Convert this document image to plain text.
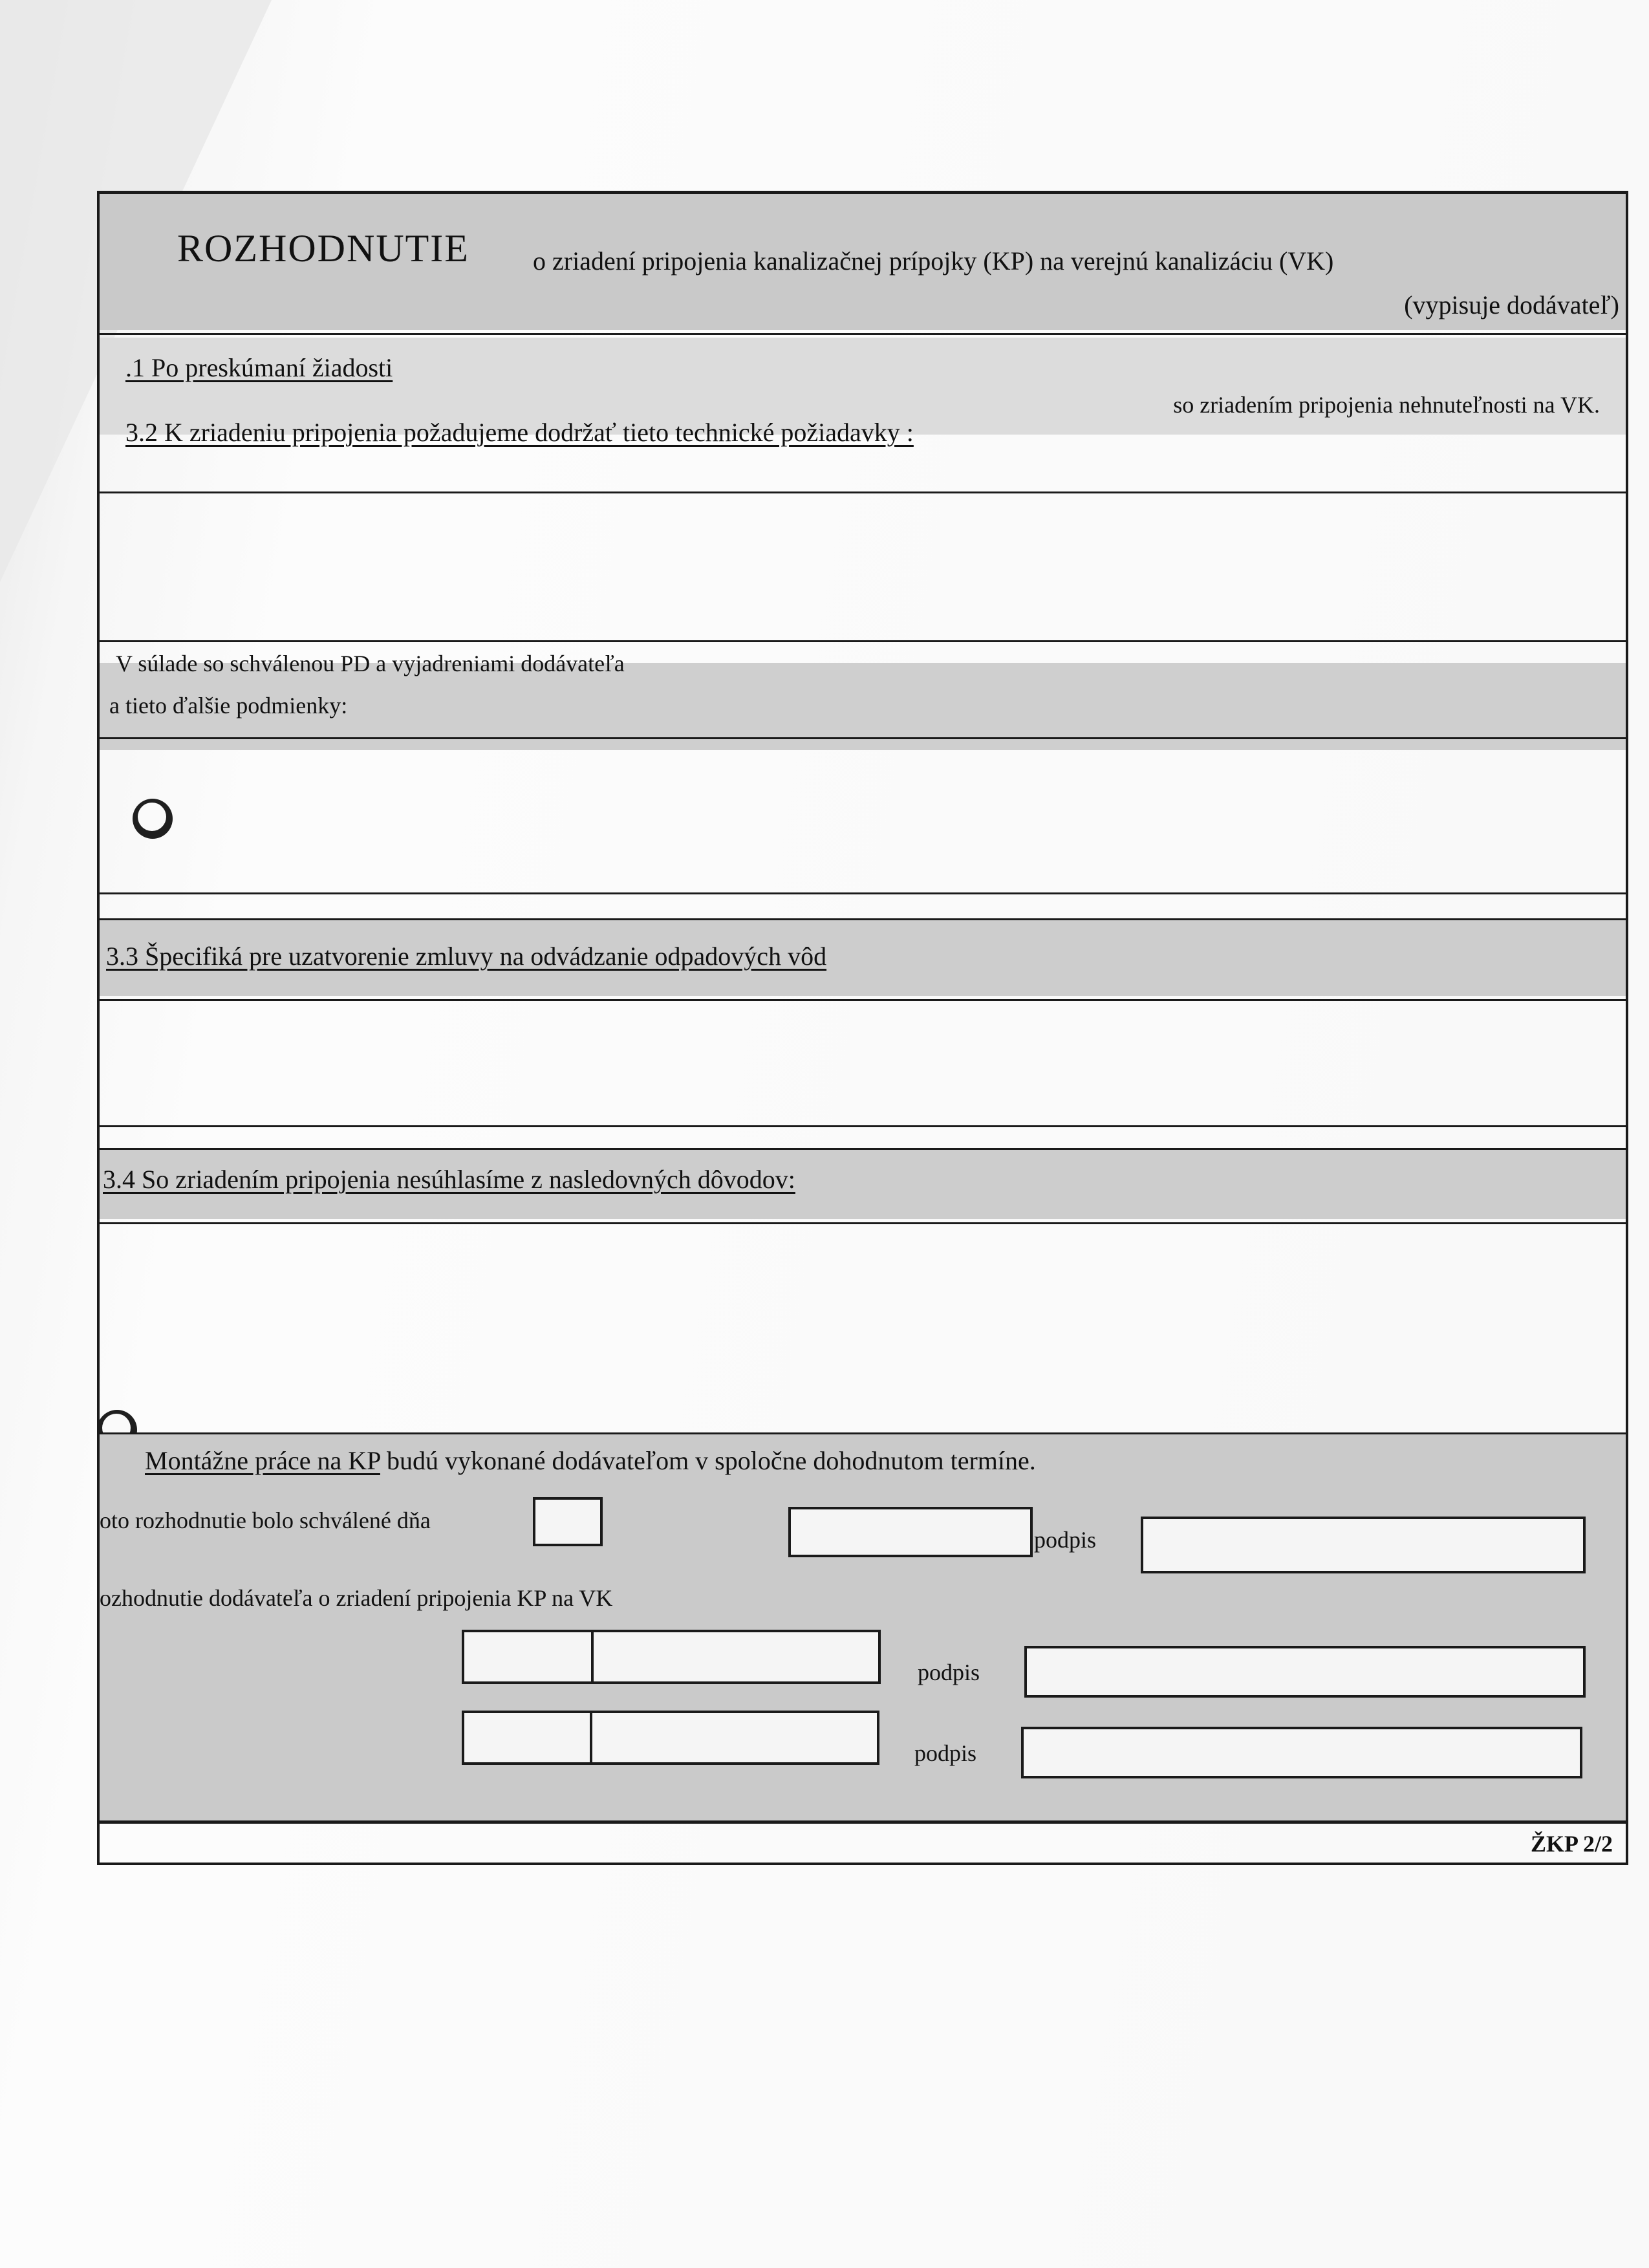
ROZHODNUTIE o zriadení pripojenia kanalizačnej prípojky (KP) na verejnú kanalizáciu (VK)
(vypisuje dodávateľ)
.1 Po preskúmaní žiadosti
so zriadením pripojenia nehnuteľnosti na VK.
3.2 K zriadeniu pripojenia požadujeme dodržať tieto technické požiadavky :
V súlade so schválenou PD a vyjadreniami dodávateľa
a tieto ďalšie podmienky:
3.3 Špecifiká pre uzatvorenie zmluvy na odvádzanie odpadových vôd
3.4 So zriadením pripojenia nesúhlasíme z nasledovných dôvodov:
Montážne práce na KP budú vykonané dodávateľom v spoločne dohodnutom termíne.
oto rozhodnutie bolo schválené dňa
podpis
ozhodnutie dodávateľa o zriadení pripojenia KP na VK
podpis
podpis
ŽKP 2/2
